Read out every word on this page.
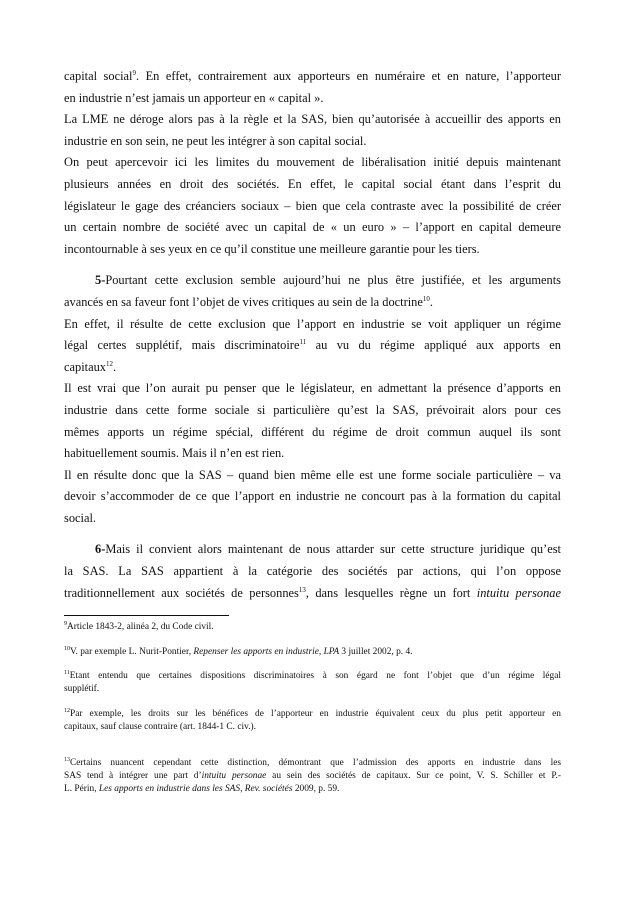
capital social$^9$. En effet, contrairement aux apporteurs en numéraire et en nature, l’apporteur
en industrie n’est jamais un apporteur en « capital ».
La LME ne déroge alors pas à la règle et la SAS, bien qu’autorisée à accueillir des apports en
industrie en son sein, ne peut les intégrer à son capital social.
On peut apercevoir ici les limites du mouvement de libéralisation initié depuis maintenant
plusieurs années en droit des sociétés. En effet, le capital social étant dans l’esprit du
législateur le gage des créanciers sociaux – bien que cela contraste avec la possibilité de créer
un certain nombre de société avec un capital de « un euro » – l’apport en capital demeure
incontournable à ses yeux en ce qu’il constitue une meilleure garantie pour les tiers.
5-Pourtant cette exclusion semble aujourd’hui ne plus être justifiée, et les arguments
avancés en sa faveur font l’objet de vives critiques au sein de la doctrine$^{10}$.
En effet, il résulte de cette exclusion que l’apport en industrie se voit appliquer un régime
légal certes supplétif, mais discriminatoire$^{11}$ au vu du régime appliqué aux apports en
capitaux$^{12}$.
Il est vrai que l’on aurait pu penser que le législateur, en admettant la présence d’apports en
industrie dans cette forme sociale si particulière qu’est la SAS, prévoirait alors pour ces
mêmes apports un régime spécial, différent du régime de droit commun auquel ils sont
habituellement soumis. Mais il n’en est rien.
Il en résulte donc que la SAS – quand bien même elle est une forme sociale particulière – va
devoir s’accommoder de ce que l’apport en industrie ne concourt pas à la formation du capital
social.
6-Mais il convient alors maintenant de nous attarder sur cette structure juridique qu’est
la SAS. La SAS appartient à la catégorie des sociétés par actions, qui l’on oppose
traditionnellement aux sociétés de personnes$^{13}$, dans lesquelles règne un fort intuitu personae
$^9$Article 1843-2, alinéa 2, du Code civil.
$^{10}$V. par exemple L. Nurit-Pontier, Repenser les apports en industrie, LPA 3 juillet 2002, p. 4.
$^{11}$Etant entendu que certaines dispositions discriminatoires à son égard ne font l’objet que d’un régime légal
supplétif.
$^{12}$Par exemple, les droits sur les bénéfices de l’apporteur en industrie équivalent ceux du plus petit apporteur en
capitaux, sauf clause contraire (art. 1844-1 C. civ.).
$^{13}$Certains nuancent cependant cette distinction, démontrant que l’admission des apports en industrie dans les
SAS tend à intégrer une part d’intuitu personae au sein des sociétés de capitaux. Sur ce point, V. S. Schiller et P.-
L. Périn, Les apports en industrie dans les SAS, Rev. sociétés 2009, p. 59.
